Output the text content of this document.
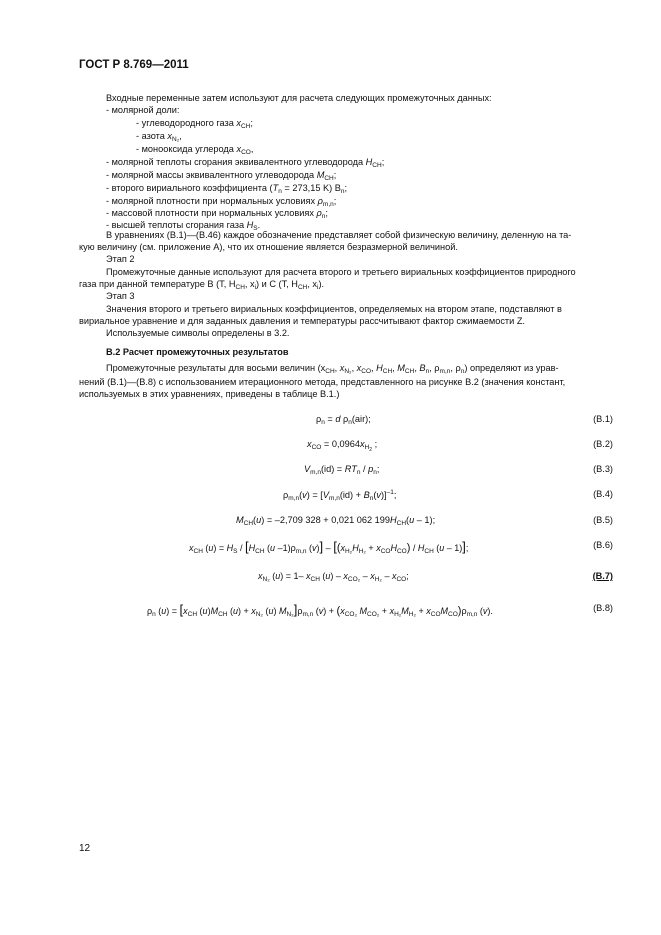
ГОСТ Р 8.769—2011
Входные переменные затем используют для расчета следующих промежуточных данных:
- молярной доли:
- углеводородного газа $x_{CH}$;
- азота $x_{N_2}$,
- монооксида углерода $x_{CO}$,
- молярной теплоты сгорания эквивалентного углеводорода $H_{CH}$;
- молярной массы эквивалентного углеводорода $M_{CH}$;
- второго вириального коэффициента ($T_n = 273,15$ K) $B_n$;
- молярной плотности при нормальных условиях $\rho_{m,n}$;
- массовой плотности при нормальных условиях $\rho_n$;
- высшей теплоты сгорания газа $H_S$.
В уравнениях (B.1)—(B.46) каждое обозначение представляет собой физическую величину, деленную на та-
кую величину (см. приложение А), что их отношение является безразмерной величиной.
Этап 2
Промежуточные данные используют для расчета второго и третьего вириальных коэффициентов природного
газа при данной температуре B (T, $H_{CH}$, $x_i$) и C (T, $H_{CH}$, $x_i$).
Этап 3
Значения второго и третьего вириальных коэффициентов, определяемых на втором этапе, подставляют в
вириальное уравнение и для заданных давления и температуры рассчитывают фактор сжимаемости Z.
Используемые символы определены в 3.2.
B.2 Расчет промежуточных результатов
Промежуточные результаты для восьми величин ($x_{CH}$, $x_{N_2}$, $x_{CO}$, $H_{CH}$, $M_{CH}$, $B_n$, $\rho_{m,n}$, $\rho_n$) определяют из урав-
нений (B.1)—(B.8) с использованием итерационного метода, представленного на рисунке B.2 (значения констант,
используемых в этих уравнениях, приведены в таблице B.1.)
$\rho_n = d$ $\rho_n(air)$;	(B.1)
$x_{CO} = 0,0964x_{H_2}$ ;	(B.2)
$V_{m,n}(id) = RT_n / p_n$;	(B.3)
$\rho_{m,n}(v) = [V_{m,n}(id) + B_n(v)]^{-1}$;	(B.4)
$M_{CH}(u) = -2,709$ 328 + 0,021 062 $199H_{CH}(u - 1)$;	(B.5)
$x_{CH}$ $(u) = H_S / [H_{CH}$ (u $-1)\rho_{m,n}$ $(v)] - [(x_{H_2}H_{H_2} + x_{CO}H_{CO}) / H_{CH}$ (u – 1)];	(B.6)
$x_{N_2}$ (u) = 1– $x_{CH}$ $(u) - x_{CO_2} - x_{H_2} - x_{CO}$;	(B.7)
$\rho_n$ $(u) = [x_{CH}$ $(u)M_{CH}$ $(u) + x_{N_2}$ (u) $M_{N_2}]\rho_{m,n}$ $(v) + (x_{CO_2}$ $M_{CO_2} + x_{H_2}M_{H_2} + x_{CO}M_{CO})\rho_{m,n}$ (v).	(B.8)
12
